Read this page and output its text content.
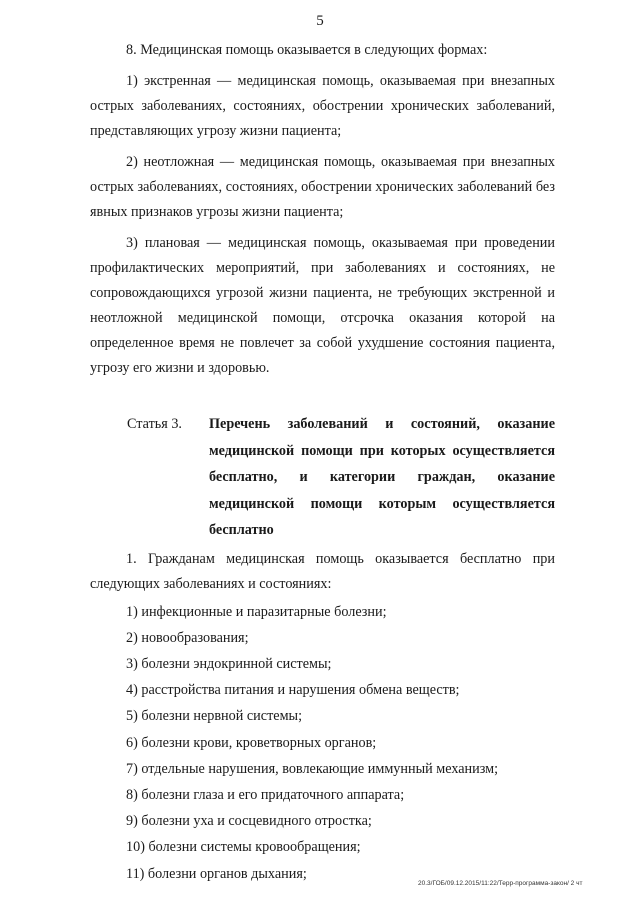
5

8. Медицинская помощь оказывается в следующих формах:

1) экстренная — медицинская помощь, оказываемая при внезапных острых заболеваниях, состояниях, обострении хронических заболеваний, представляющих угрозу жизни пациента;

2) неотложная — медицинская помощь, оказываемая при внезапных острых заболеваниях, состояниях, обострении хронических заболеваний без явных признаков угрозы жизни пациента;

3) плановая — медицинская помощь, оказываемая при проведении профилактических мероприятий, при заболеваниях и состояниях, не сопровождающихся угрозой жизни пациента, не требующих экстренной и неотложной медицинской помощи, отсрочка оказания которой на определенное время не повлечет за собой ухудшение состояния пациента, угрозу его жизни и здоровью.

Статья 3.	Перечень заболеваний и состояний, оказание медицинской помощи при которых осуществляется бесплатно, и категории граждан, оказание медицинской помощи которым осуществляется бесплатно

1. Гражданам медицинская помощь оказывается бесплатно при следующих заболеваниях и состояниях:

1) инфекционные и паразитарные болезни;

2) новообразования;

3) болезни эндокринной системы;

4) расстройства питания и нарушения обмена веществ;

5) болезни нервной системы;

6) болезни крови, кроветворных органов;

7) отдельные нарушения, вовлекающие иммунный механизм;

8) болезни глаза и его придаточного аппарата;

9) болезни уха и сосцевидного отростка;

10) болезни системы кровообращения;

11) болезни органов дыхания;

20.3/ГОБ/09.12.2015/11:22/Терр-программа-закон/ 2 чт
